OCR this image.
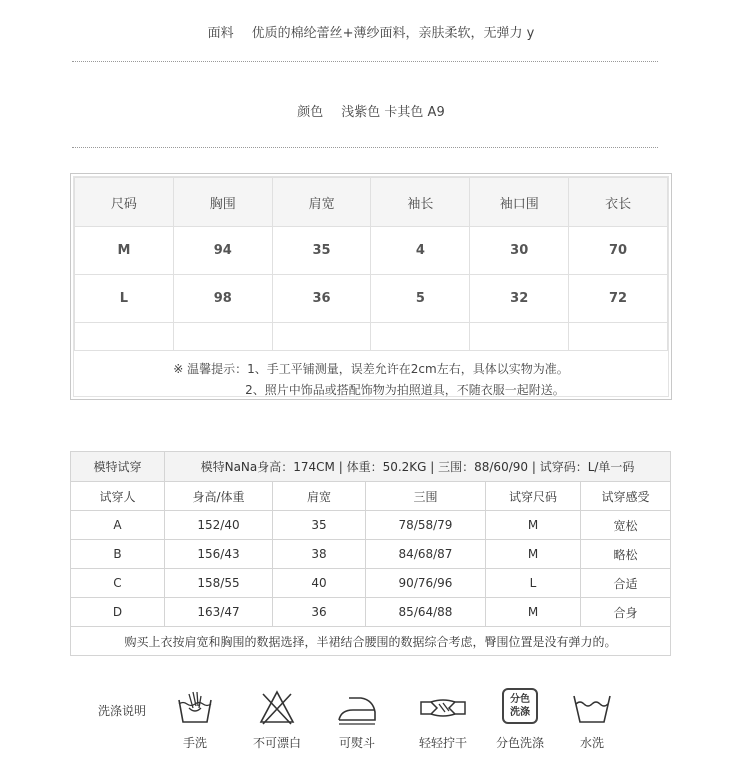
面料 优质的棉纶蕾丝+薄纱面料，亲肤柔软，无弹力 y
颜色 浅紫色 卡其色 A9
尺码	胸围	肩宽	袖长	袖口围	衣长
M	94	35	4	30	70
L	98	36	5	32	72

※ 温馨提示：1、手工平铺测量，误差允许在2cm左右，具体以实物为准。
2、照片中饰品或搭配饰物为拍照道具，不随衣服一起附送。
模特试穿	模特NaNa身高：174CM | 体重：50.2KG | 三围：88/60/90 | 试穿码：L/单一码				
试穿人	身高/体重	肩宽	三围	试穿尺码	试穿感受
A	152/40	35	78/58/79	M	宽松
B	156/43	38	84/68/87	M	略松
C	158/55	40	90/76/96	L	合适
D	163/47	36	85/64/88	M	合身
购买上衣按肩宽和胸围的数据选择，半裙结合腰围的数据综合考虑，臀围位置是没有弹力的。					
洗涤说明
手洗	不可漂白	可熨斗	轻轻拧干
分色
洗涤
分色洗涤	水洗
